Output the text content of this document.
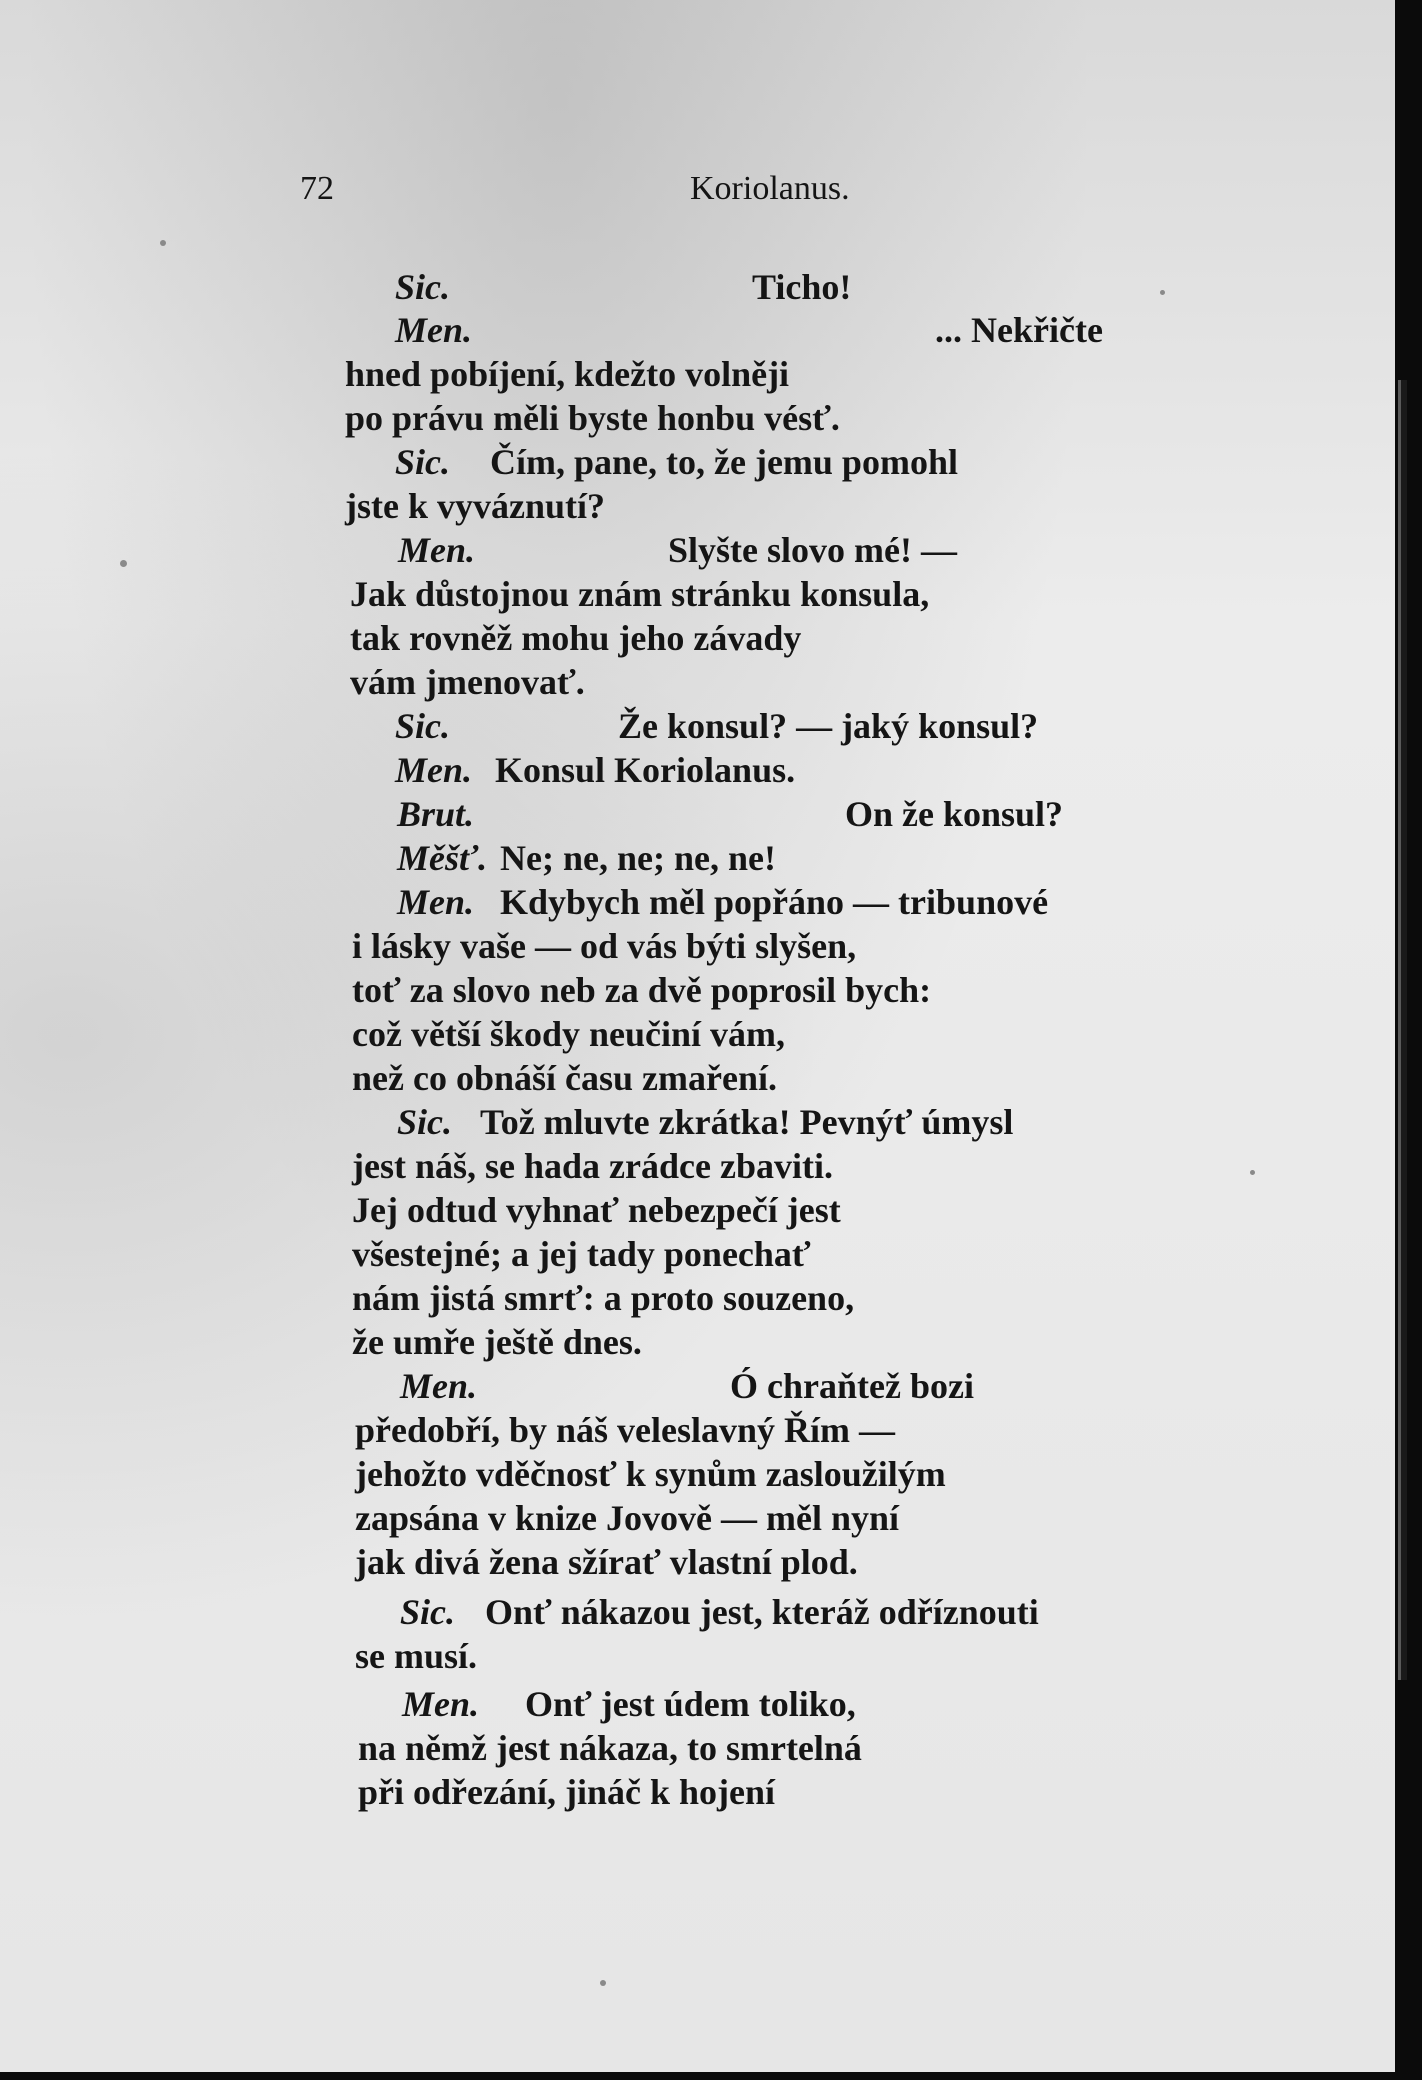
72	Koriolanus.
Sic.	Ticho!
Men.	... Nekřičte
hned pobíjení, kdežto volněji
po právu měli byste honbu vésť.
Sic. Čím, pane, to, že jemu pomohl
jste k vyváznutí?
Men.	Slyšte slovo mé! —
Jak důstojnou znám stránku konsula,
tak rovněž mohu jeho závady
vám jmenovať.
Sic.	Že konsul? — jaký konsul?
Men. Konsul Koriolanus.
Brut.	On že konsul?
Měšť. Ne; ne, ne; ne, ne!
Men. Kdybych měl popřáno — tribunové
i lásky vaše — od vás býti slyšen,
toť za slovo neb za dvě poprosil bych:
což větší škody neučiní vám,
než co obnáší času zmaření.
Sic. Tož mluvte zkrátka! Pevnýť úmysl
jest náš, se hada zrádce zbaviti.
Jej odtud vyhnať nebezpečí jest
všestejné; a jej tady ponechať
nám jistá smrť: a proto souzeno,
že umře ještě dnes.
Men.	Ó chraňtež bozi
předobří, by náš veleslavný Řím —
jehožto vděčnosť k synům zasloužilým
zapsána v knize Jovově — měl nyní
jak divá žena sžírať vlastní plod.
Sic. Onť nákazou jest, kteráž odříznouti
se musí.
Men. Onť jest údem toliko,
na němž jest nákaza, to smrtelná
při odřezání, jináč k hojení
